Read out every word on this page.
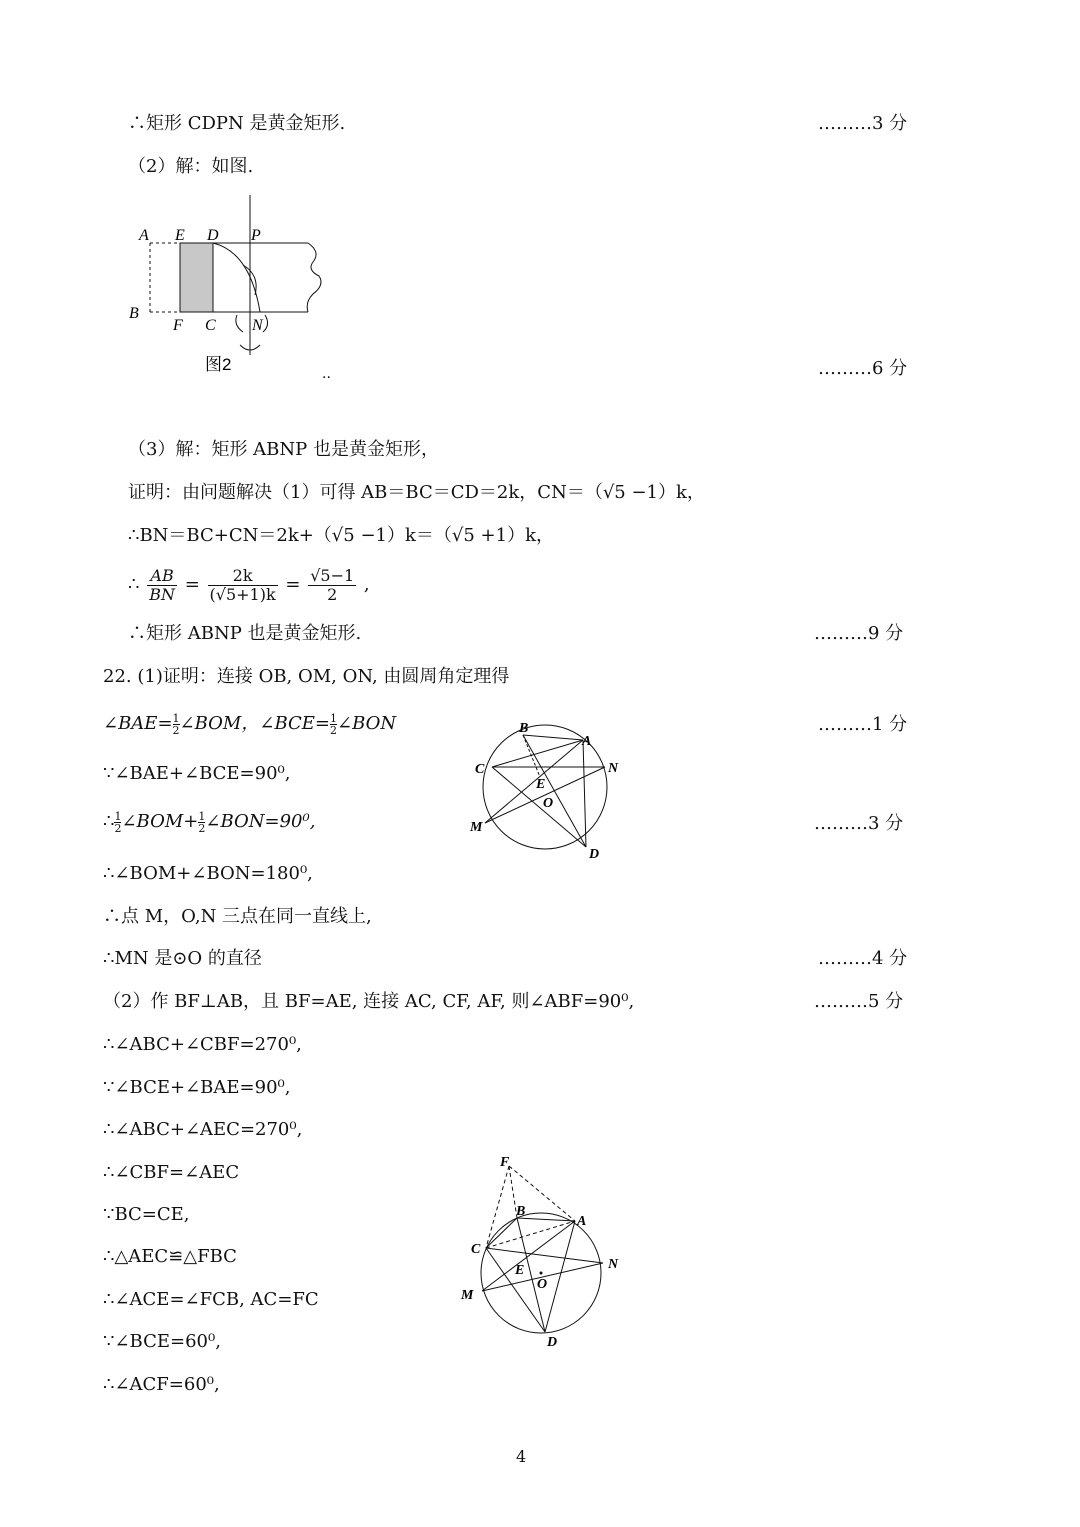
∴矩形 CDPN 是黄金矩形.	………3 分
（2）解：如图.
A E D P
B
F C N
图2	..	………6 分
（3）解：矩形 ABNP 也是黄金矩形，
证明：由问题解决（1）可得 AB＝BC＝CD＝2k，CN＝（√5 −1）k，
∴BN＝BC+CN＝2k+（√5 −1）k＝（√5 +1）k，
∴ $\frac{AB}{BN} = \frac{2k}{(√5+1)k} = \frac{√5-1}{2}$ ,
∴矩形 ABNP 也是黄金矩形.	………9 分
22. (1)证明：连接 OB, OM, ON, 由圆周角定理得
∠BAE= $\frac{1}{2}$ ∠BOM，∠BCE= $\frac{1}{2}$ ∠BON	………1 分
∵∠BAE+∠BCE=90⁰,
∴ $\frac{1}{2}$ ∠BOM+ $\frac{1}{2}$ ∠BON=90⁰,	………3 分
∴∠BOM+∠BON=180⁰,
∴点 M，O,N 三点在同一直线上,
∴MN 是⊙O 的直径	………4 分
B
A
C	N
E
O
M
D
（2）作 BF⊥AB，且 BF=AE, 连接 AC, CF, AF, 则∠ABF=90⁰,	………5 分
∴∠ABC+∠CBF=270⁰,
∵∠BCE+∠BAE=90⁰,
∴∠ABC+∠AEC=270⁰,
∴∠CBF=∠AEC
∵BC=CE,
∴△AEC≌△FBC
∴∠ACE=∠FCB, AC=FC
∵∠BCE=60⁰,
∴∠ACF=60⁰,
F
B
A
C
N
E
O
M
D
4
